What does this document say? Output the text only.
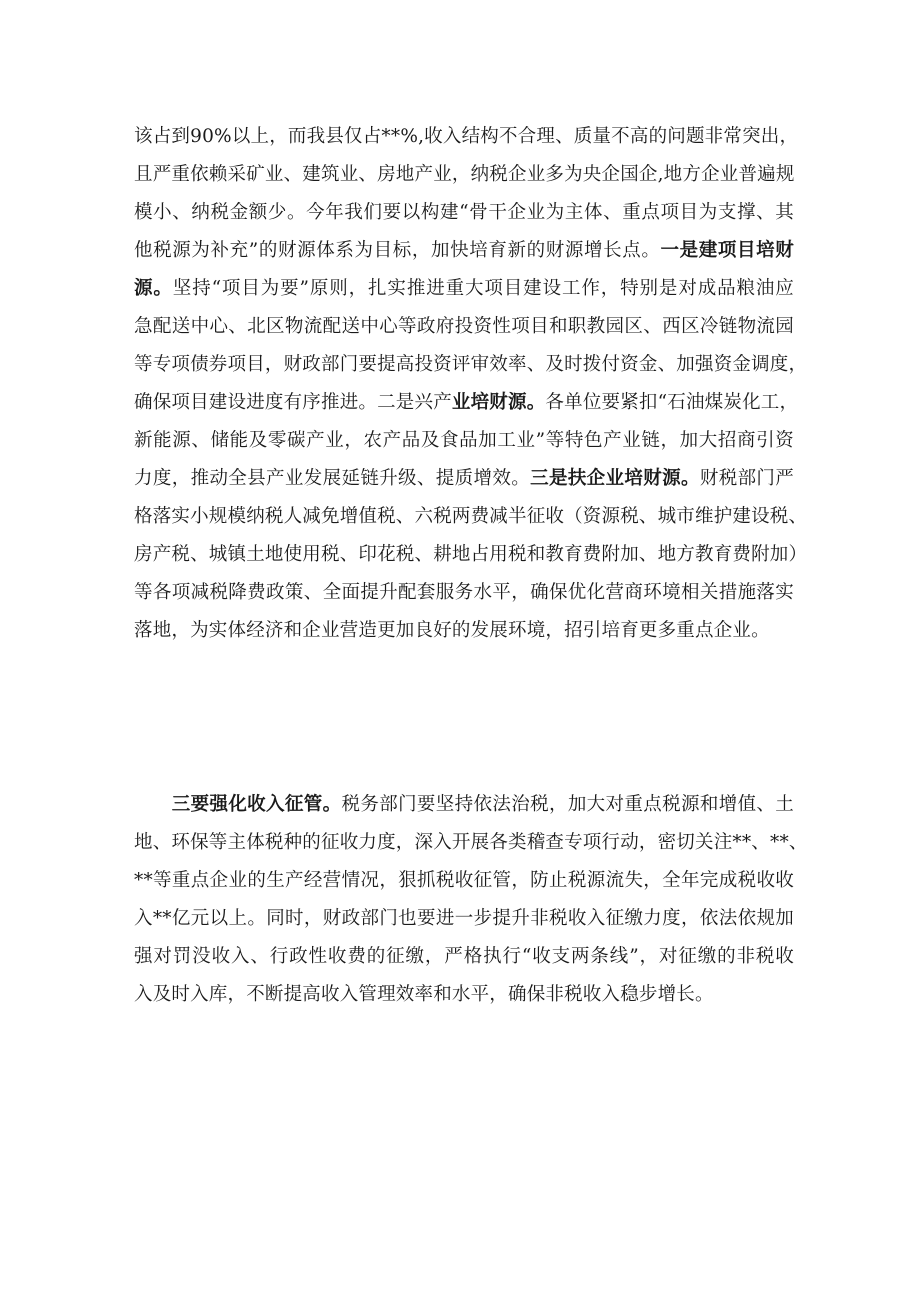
该占到90%以上，而我县仅占**%,收入结构不合理、质量不高的问题非常突出，
且严重依赖采矿业、建筑业、房地产业，纳税企业多为央企国企,地方企业普遍规
模小、纳税金额少。今年我们要以构建“骨干企业为主体、重点项目为支撑、其
他税源为补充”的财源体系为目标，加快培育新的财源增长点。一是建项目培财
源。坚持“项目为要”原则，扎实推进重大项目建设工作，特别是对成品粮油应
急配送中心、北区物流配送中心等政府投资性项目和职教园区、西区冷链物流园
等专项债券项目，财政部门要提高投资评审效率、及时拨付资金、加强资金调度，
确保项目建设进度有序推进。二是兴产业培财源。各单位要紧扣“石油煤炭化工，
新能源、储能及零碳产业，农产品及食品加工业”等特色产业链，加大招商引资
力度，推动全县产业发展延链升级、提质增效。三是扶企业培财源。财税部门严
格落实小规模纳税人减免增值税、六税两费减半征收（资源税、城市维护建设税、
房产税、城镇土地使用税、印花税、耕地占用税和教育费附加、地方教育费附加）
等各项减税降费政策、全面提升配套服务水平，确保优化营商环境相关措施落实
落地，为实体经济和企业营造更加良好的发展环境，招引培育更多重点企业。
　　三要强化收入征管。税务部门要坚持依法治税，加大对重点税源和增值、土
地、环保等主体税种的征收力度，深入开展各类稽查专项行动，密切关注**、**、
**等重点企业的生产经营情况，狠抓税收征管，防止税源流失，全年完成税收收
入**亿元以上。同时，财政部门也要进一步提升非税收入征缴力度，依法依规加
强对罚没收入、行政性收费的征缴，严格执行“收支两条线”，对征缴的非税收
入及时入库，不断提高收入管理效率和水平，确保非税收入稳步增长。
